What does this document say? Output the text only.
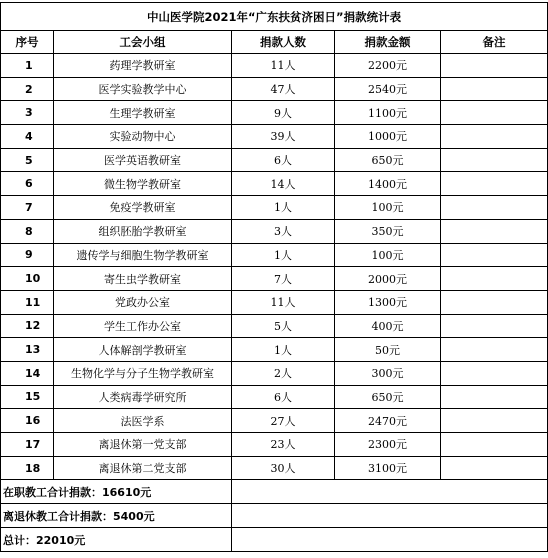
中山医学院2021年“广东扶贫济困日”捐款统计表				
序号	工会小组	捐款人数	捐款金额	备注
1	药理学教研室	11人	2200元	
2	医学实验教学中心	47人	2540元	
3	生理学教研室	9人	1100元	
4	实验动物中心	39人	1000元	
5	医学英语教研室	6人	650元	
6	微生物学教研室	14人	1400元	
7	免疫学教研室	1人	100元	
8	组织胚胎学教研室	3人	350元	
9	遗传学与细胞生物学教研室	1人	100元	
10	寄生虫学教研室	7人	2000元	
11	党政办公室	11人	1300元	
12	学生工作办公室	5人	400元	
13	人体解剖学教研室	1人	50元	
14	生物化学与分子生物学教研室	2人	300元	
15	人类病毒学研究所	6人	650元	
16	法医学系	27人	2470元	
17	离退休第一党支部	23人	2300元	
18	离退休第二党支部	30人	3100元	
在职教工合计捐款：16610元				
离退休教工合计捐款：5400元				
总计：22010元				
